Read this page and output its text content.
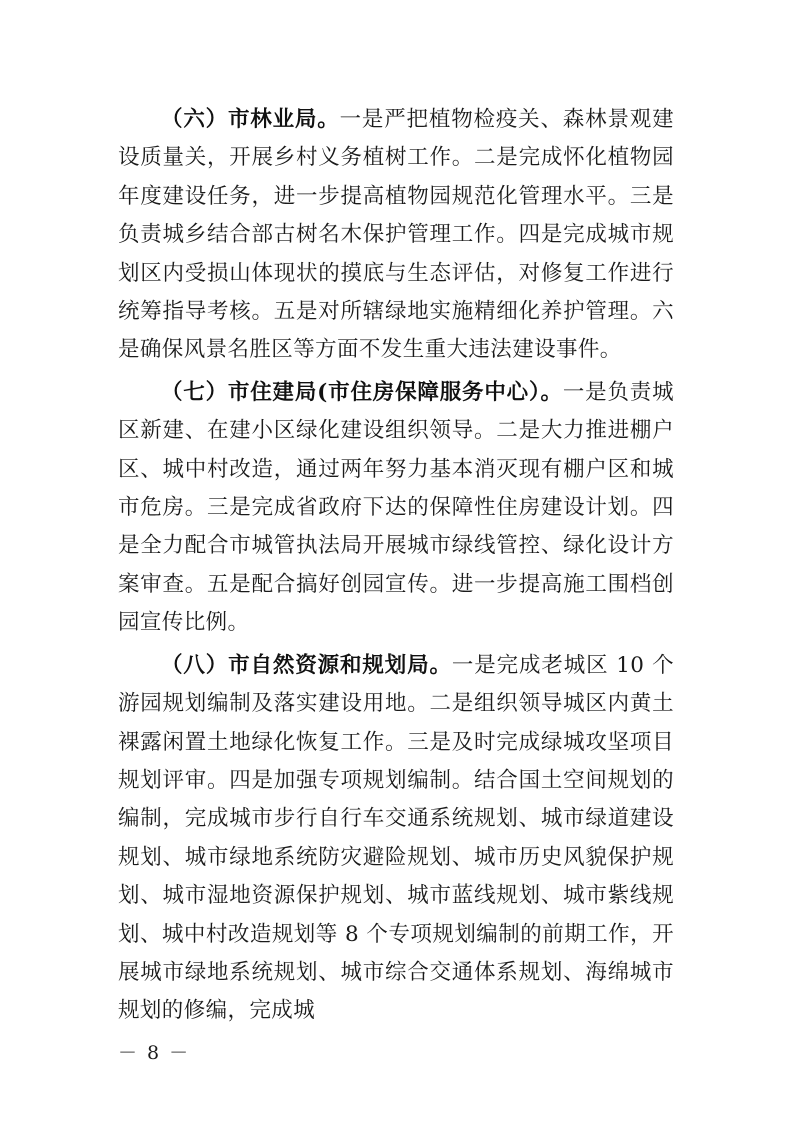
（六）市林业局。一是严把植物检疫关、森林景观建设质量关，开展乡村义务植树工作。二是完成怀化植物园年度建设任务，进一步提高植物园规范化管理水平。三是负责城乡结合部古树名木保护管理工作。四是完成城市规划区内受损山体现状的摸底与生态评估，对修复工作进行统筹指导考核。五是对所辖绿地实施精细化养护管理。六是确保风景名胜区等方面不发生重大违法建设事件。

（七）市住建局(市住房保障服务中心）。一是负责城区新建、在建小区绿化建设组织领导。二是大力推进棚户区、城中村改造，通过两年努力基本消灭现有棚户区和城市危房。三是完成省政府下达的保障性住房建设计划。四是全力配合市城管执法局开展城市绿线管控、绿化设计方案审查。五是配合搞好创园宣传。进一步提高施工围档创园宣传比例。

（八）市自然资源和规划局。一是完成老城区 10 个游园规划编制及落实建设用地。二是组织领导城区内黄土裸露闲置土地绿化恢复工作。三是及时完成绿城攻坚项目规划评审。四是加强专项规划编制。结合国土空间规划的编制，完成城市步行自行车交通系统规划、城市绿道建设规划、城市绿地系统防灾避险规划、城市历史风貌保护规划、城市湿地资源保护规划、城市蓝线规划、城市紫线规划、城中村改造规划等 8 个专项规划编制的前期工作，开展城市绿地系统规划、城市综合交通体系规划、海绵城市规划的修编，完成城

－ 8 －
